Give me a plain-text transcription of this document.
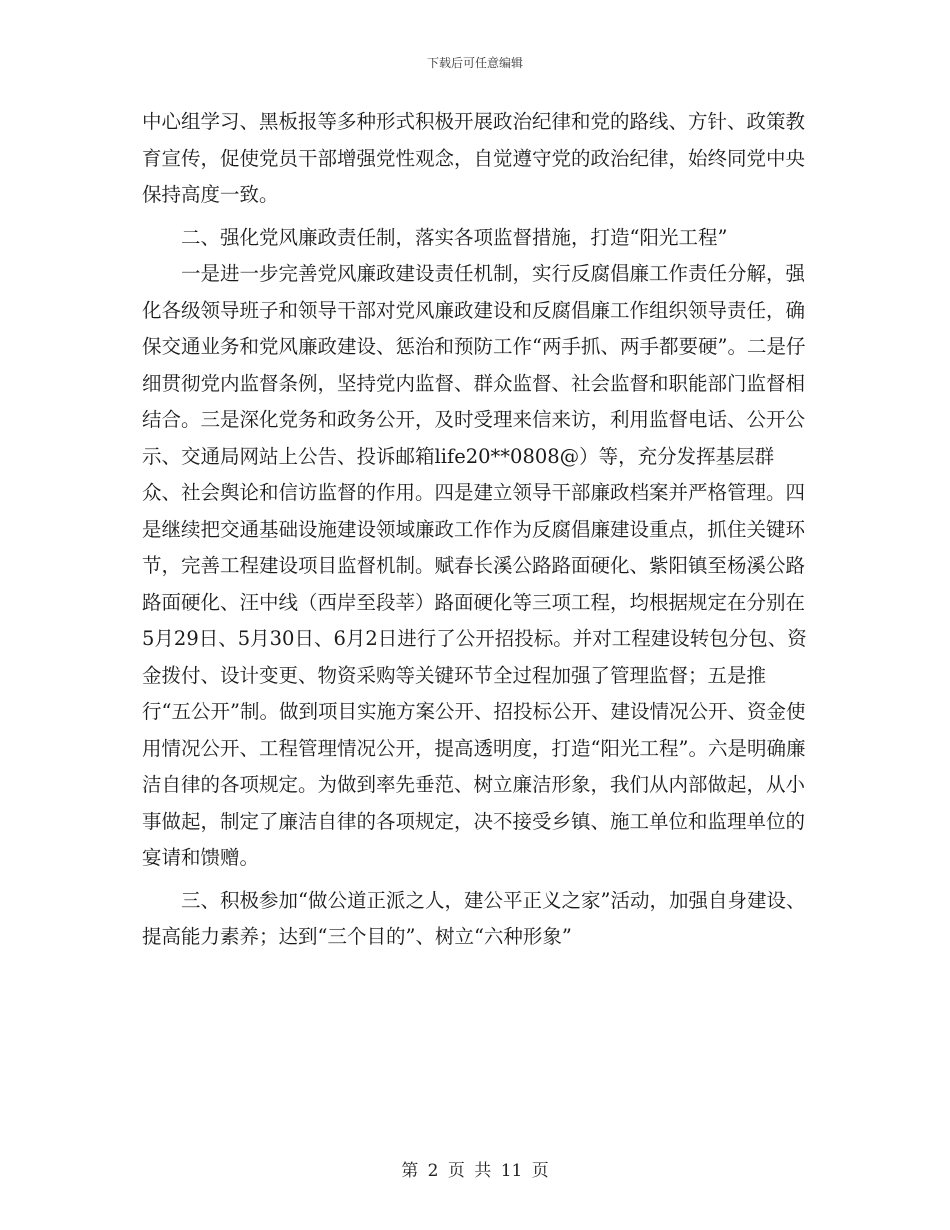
下载后可任意编辑

中心组学习、黑板报等多种形式积极开展政治纪律和党的路线、方针、政策教育宣传，促使党员干部增强党性观念，自觉遵守党的政治纪律，始终同党中央保持高度一致。

二、强化党风廉政责任制，落实各项监督措施，打造“阳光工程”

一是进一步完善党风廉政建设责任机制，实行反腐倡廉工作责任分解，强化各级领导班子和领导干部对党风廉政建设和反腐倡廉工作组织领导责任，确保交通业务和党风廉政建设、惩治和预防工作“两手抓、两手都要硬”。二是仔细贯彻党内监督条例，坚持党内监督、群众监督、社会监督和职能部门监督相结合。三是深化党务和政务公开，及时受理来信来访，利用监督电话、公开公示、交通局网站上公告、投诉邮箱life20**0808@）等，充分发挥基层群众、社会舆论和信访监督的作用。四是建立领导干部廉政档案并严格管理。四是继续把交通基础设施建设领域廉政工作作为反腐倡廉建设重点，抓住关键环节，完善工程建设项目监督机制。赋春长溪公路路面硬化、紫阳镇至杨溪公路路面硬化、汪中线（西岸至段莘）路面硬化等三项工程，均根据规定在分别在5月29日、5月30日、6月2日进行了公开招投标。并对工程建设转包分包、资金拨付、设计变更、物资采购等关键环节全过程加强了管理监督；五是推行“五公开”制。做到项目实施方案公开、招投标公开、建设情况公开、资金使用情况公开、工程管理情况公开，提高透明度，打造“阳光工程”。六是明确廉洁自律的各项规定。为做到率先垂范、树立廉洁形象，我们从内部做起，从小事做起，制定了廉洁自律的各项规定，决不接受乡镇、施工单位和监理单位的宴请和馈赠。

三、积极参加“做公道正派之人，建公平正义之家”活动，加强自身建设、提高能力素养；达到“三个目的”、树立“六种形象”

第 2 页 共 11 页
